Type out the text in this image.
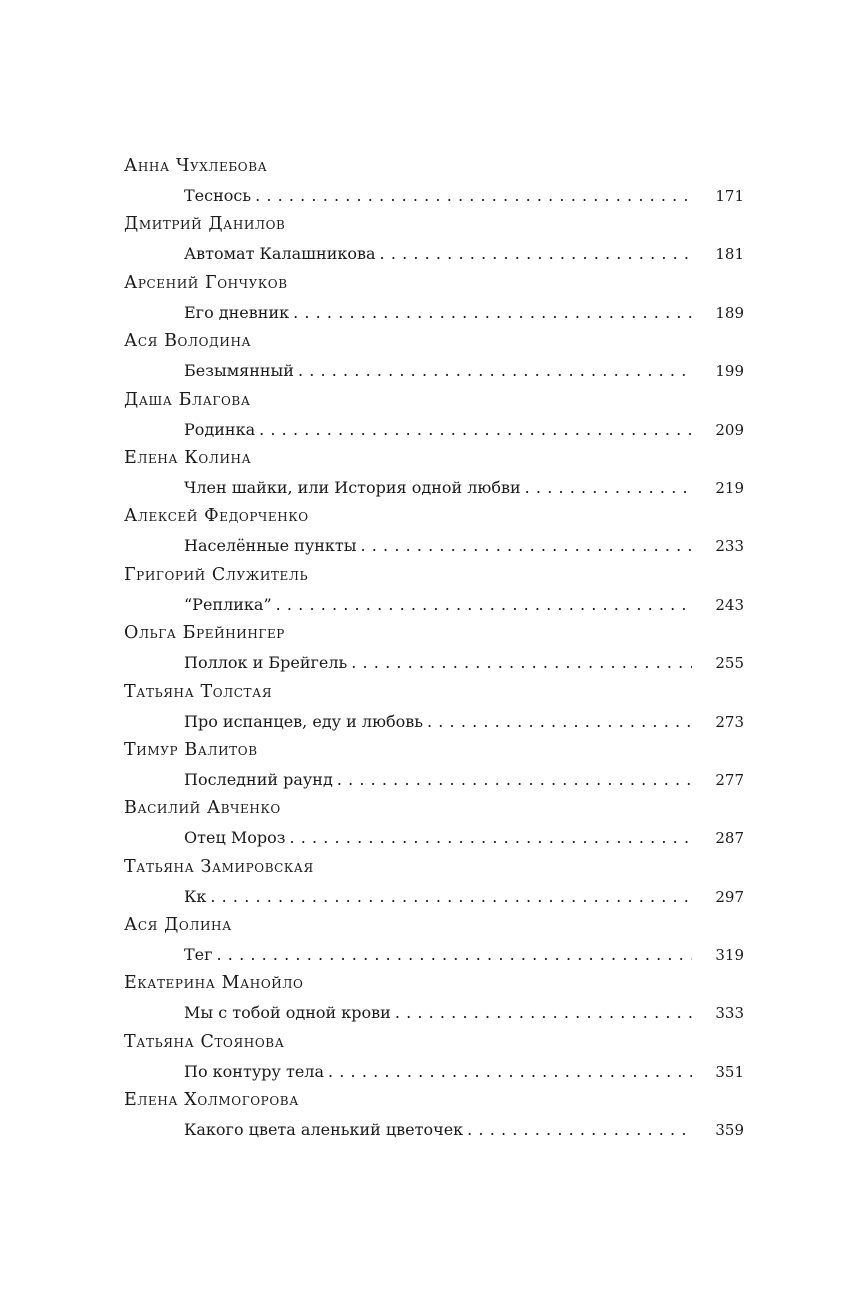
Анна Чухлебова
Теснось . . .	171
Дмитрий Данилов
Автомат Калашникова . . .	181
Арсений Гончуков
Его дневник . . .	189
Ася Володина
Безымянный . . .	199
Даша Благова
Родинка . . .	209
Елена Колина
Член шайки, или История одной любви . . .	219
Алексей Федорченко
Населённые пункты . . .	233
Григорий Служитель
“Реплика” . . .	243
Ольга Брейнингер
Поллок и Брейгель . . .	255
Татьяна Толстая
Про испанцев, еду и любовь . . .	273
Тимур Валитов
Последний раунд . . .	277
Василий Авченко
Отец Мороз . . .	287
Татьяна Замировская
Кк . . .	297
Ася Долина
Тег . . .	319
Екатерина Манойло
Мы с тобой одной крови . . .	333
Татьяна Стоянова
По контуру тела . . .	351
Елена Холмогорова
Какого цвета аленький цветочек . . .	359
